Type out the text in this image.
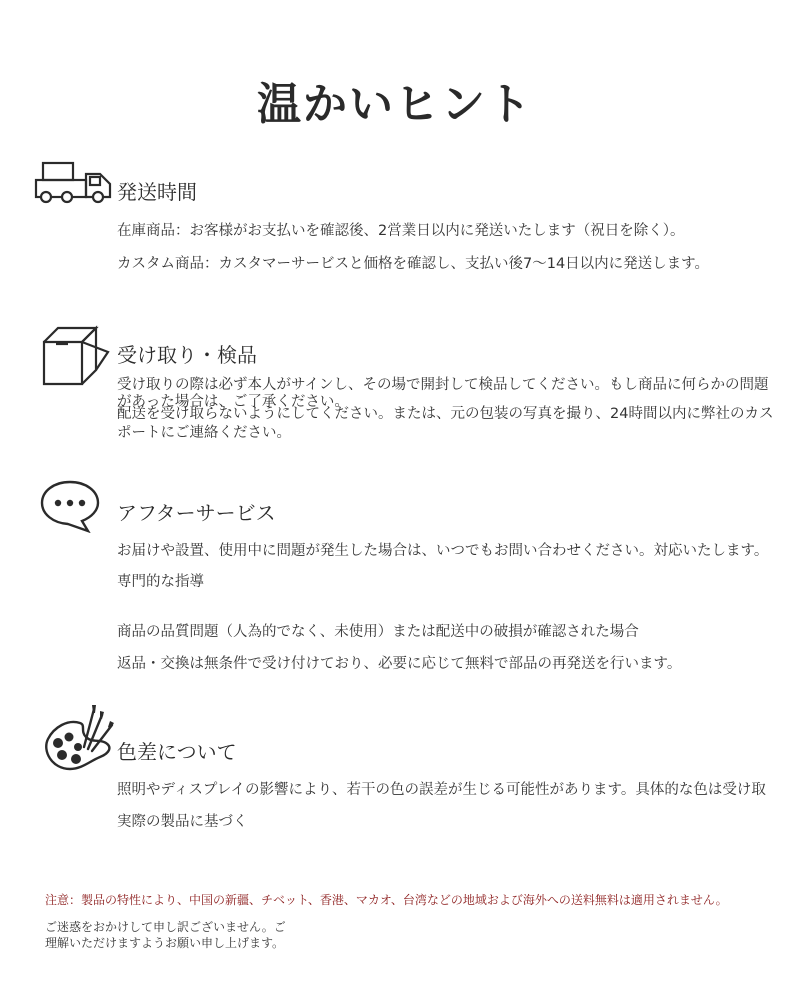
温かいヒント
発送時間
在庫商品：お客様がお支払いを確認後、2営業日以内に発送いたします（祝日を除く）。
カスタム商品：カスタマーサービスと価格を確認し、支払い後7〜14日以内に発送します。
受け取り・検品
受け取りの際は必ず本人がサインし、その場で開封して検品してください。もし商品に何らかの問題
があった場合は、ご了承ください。
配送を受け取らないようにしてください。または、元の包装の写真を撮り、24時間以内に弊社のカス
ポートにご連絡ください。
アフターサービス
お届けや設置、使用中に問題が発生した場合は、いつでもお問い合わせください。対応いたします。
専門的な指導
商品の品質問題（人為的でなく、未使用）または配送中の破損が確認された場合
返品・交換は無条件で受け付けており、必要に応じて無料で部品の再発送を行います。
色差について
照明やディスプレイの影響により、若干の色の誤差が生じる可能性があります。具体的な色は受け取
実際の製品に基づく
注意：製品の特性により、中国の新疆、チベット、香港、マカオ、台湾などの地域および海外への送料無料は適用されません。
ご迷惑をおかけして申し訳ございません。ご
理解いただけますようお願い申し上げます。
